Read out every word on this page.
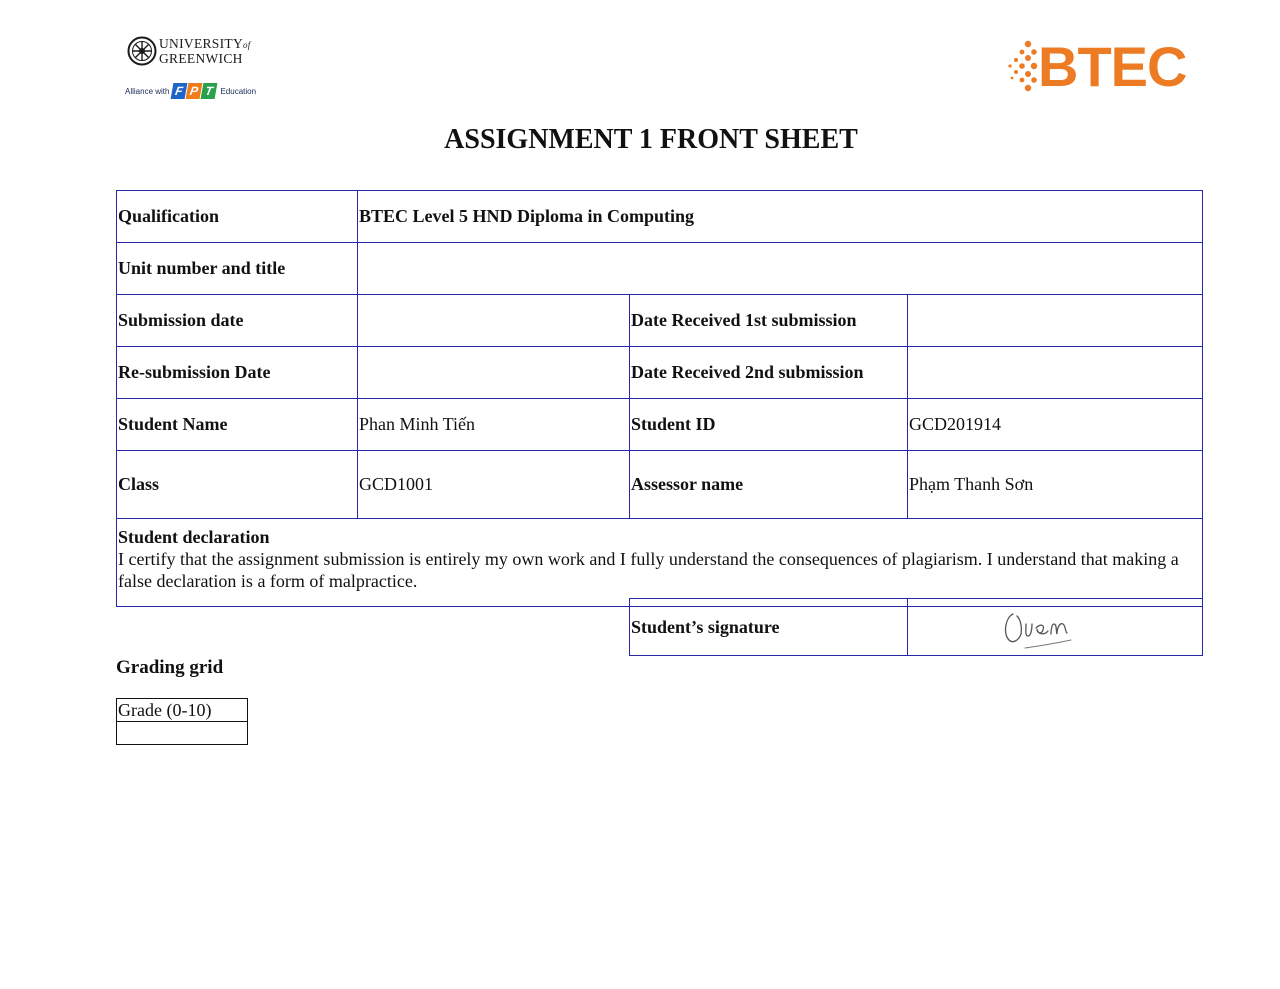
UNIVERSITYof
GREENWICH
Alliance with F P T Education	BTEC
ASSIGNMENT 1 FRONT SHEET
Qualification	BTEC Level 5 HND Diploma in Computing		
Unit number and title			
Submission date		Date Received 1st submission	
Re-submission Date		Date Received 2nd submission	
Student Name	Phan Minh Tiến	Student ID	GCD201914
Class	GCD1001	Assessor name	Phạm Thanh Sơn

Student declaration
I certify that the assignment submission is entirely my own work and I fully understand the consequences of plagiarism. I understand that making a false declaration is a form of malpractice.			
Student’s signature	
Grading grid
Grade (0-10)
